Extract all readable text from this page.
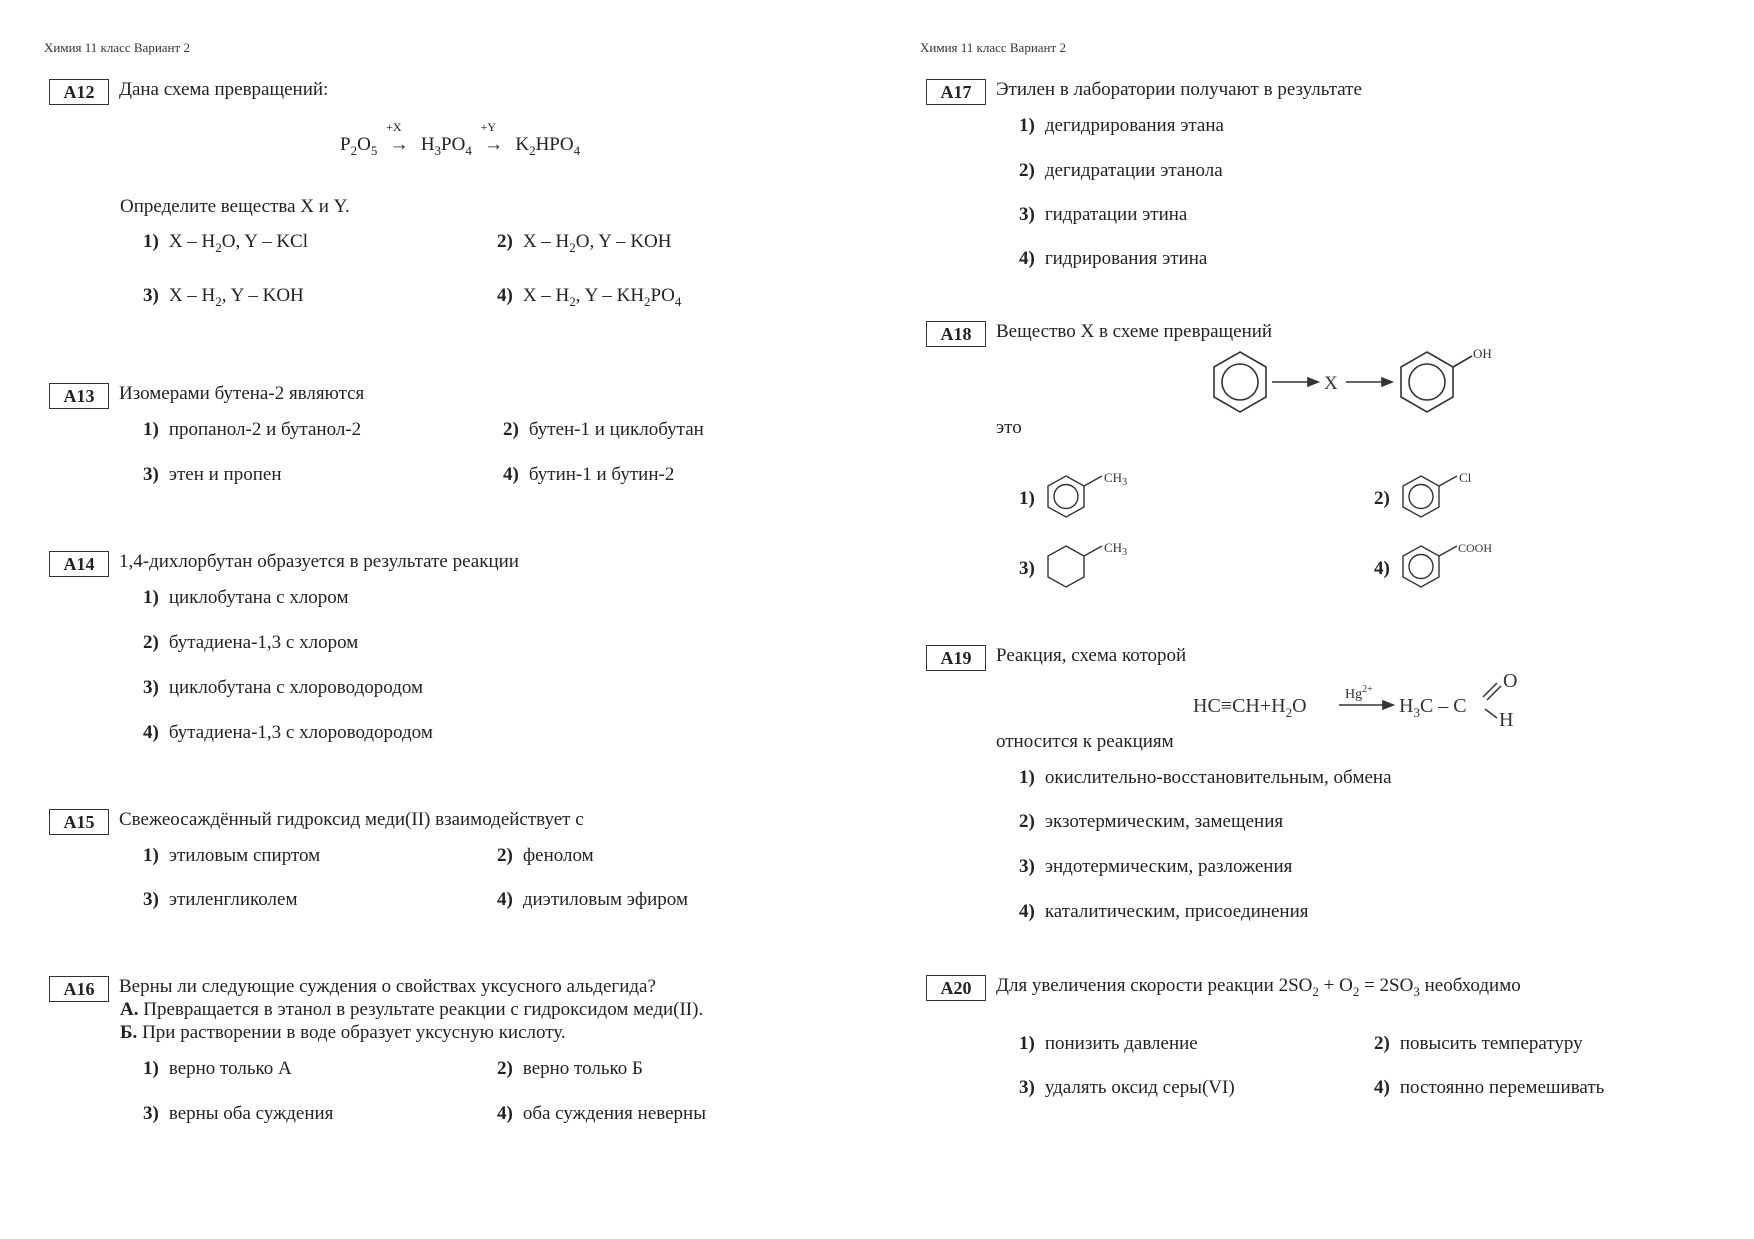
Химия 11 класс Вариант 2	Химия 11 класс Вариант 2
A12	Дана схема превращений:
$P_2O_5$
+X
→ $H_3PO_4$
+Y
→ $K_2HPO_4$
Определите вещества X и Y.
1) X – $H_2O$, Y – KCl	2) X – $H_2O$, Y – KOH
3) X – $H_2$, Y – KOH	4) X – $H_2$, Y – $KH_2PO_4$
A13	Изомерами бутена-2 являются
1) пропанол-2 и бутанол-2	2) бутен-1 и циклобутан
3) этен и пропен	4) бутин-1 и бутин-2
A14	1,4-дихлорбутан образуется в результате реакции
1) циклобутана с хлором
2) бутадиена-1,3 с хлором
3) циклобутана с хлороводородом
4) бутадиена-1,3 с хлороводородом
A15	Свежеосаждённый гидроксид меди(II) взаимодействует с
1) этиловым спиртом	2) фенолом
3) этиленгликолем	4) диэтиловым эфиром
A16	Верны ли следующие суждения о свойствах уксусного альдегида?
А. Превращается в этанол в результате реакции с гидроксидом меди(II).
Б. При растворении в воде образует уксусную кислоту.
1) верно только А	2) верно только Б
3) верны оба суждения	4) оба суждения неверны
A17	Этилен в лаборатории получают в результате
1) дегидрирования этана
2) дегидратации этанола
3) гидратации этина
4) гидрирования этина
A18	Вещество X в схеме превращений
X
OH
это
1)
$CH_3$
2)
Cl
3)
$CH_3$
4)
COOH
A19	Реакция, схема которой
$HC\equiv CH+H_2O$
$Hg^{2+}$
$H_3C$ – C
O
H
относится к реакциям
1) окислительно-восстановительным, обмена
2) экзотермическим, замещения
3) эндотермическим, разложения
4) каталитическим, присоединения
A20	Для увеличения скорости реакции $2SO_2 + O_2 = 2SO_3$ необходимо
1) понизить давление	2) повысить температуру
3) удалять оксид серы(VI)	4) постоянно перемешивать
